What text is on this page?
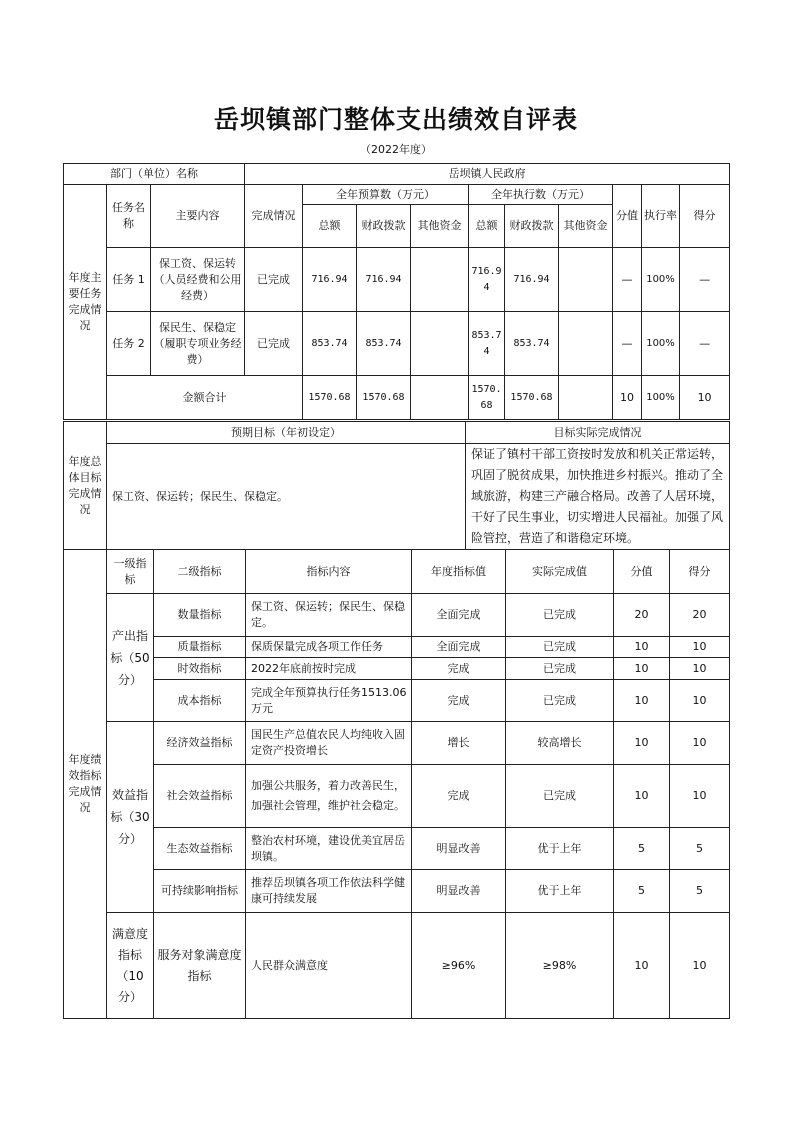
岳坝镇部门整体支出绩效自评表
（2022年度）
部门（单位）名称			岳坝镇人民政府									
年度主要任务完成情况	任务名称	主要内容	完成情况	全年预算数（万元）			全年执行数（万元）			分值	执行率	得分
				总额	财政拨款	其他资金	总额	财政拨款	其他资金			
	任务 1	保工资、保运转（人员经费和公用经费）	已完成	716.94	716.94		716.94	716.94		—	100%	—
	任务 2	保民生、保稳定（履职专项业务经费）	已完成	853.74	853.74		853.74	853.74		—	100%	—
	金额合计			1570.68	1570.68		1570.68	1570.68		10	100%	10
年度总体目标完成情况	预期目标（年初设定）	目标实际完成情况
	保工资、保运转；保民生、保稳定。	保证了镇村干部工资按时发放和机关正常运转，巩固了脱贫成果，加快推进乡村振兴。推动了全域旅游，构建三产融合格局。改善了人居环境，干好了民生事业，切实增进人民福祉。加强了风险管控，营造了和谐稳定环境。
年度绩效指标完成情况	一级指标	二级指标	指标内容	年度指标值	实际完成值	分值	得分
	产出指标（50分）	数量指标	保工资、保运转；保民生、保稳定。	全面完成	已完成	20	20
		质量指标	保质保量完成各项工作任务	全面完成	已完成	10	10
		时效指标	2022年底前按时完成	完成	已完成	10	10
		成本指标	完成全年预算执行任务1513.06万元	完成	已完成	10	10
	效益指标（30分）	经济效益指标	国民生产总值农民人均纯收入固定资产投资增长	增长	较高增长	10	10
		社会效益指标	加强公共服务，着力改善民生，加强社会管理，维护社会稳定。	完成	已完成	10	10
		生态效益指标	整治农村环境，建设优美宜居岳坝镇。	明显改善	优于上年	5	5
		可持续影响指标	推荐岳坝镇各项工作依法科学健康可持续发展	明显改善	优于上年	5	5
	满意度指标（10分）	服务对象满意度指标	人民群众满意度	≥96%	≥98%	10	10
